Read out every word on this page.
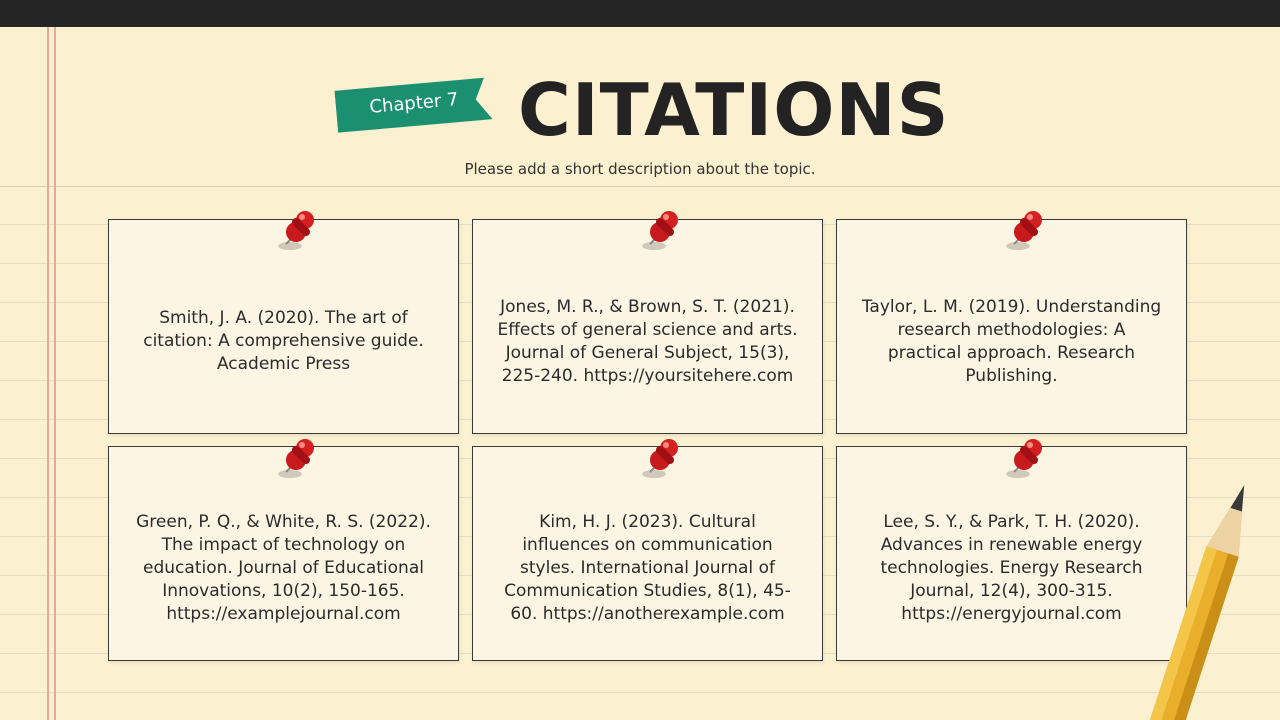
Chapter 7 CITATIONS

Please add a short description about the topic.

Smith, J. A. (2020). The art of citation: A comprehensive guide. Academic Press
Jones, M. R., & Brown, S. T. (2021). Effects of general science and arts. Journal of General Subject, 15(3), 225-240. https://yoursitehere.com
Taylor, L. M. (2019). Understanding research methodologies: A practical approach. Research Publishing.
Green, P. Q., & White, R. S. (2022). The impact of technology on education. Journal of Educational Innovations, 10(2), 150-165. https://examplejournal.com
Kim, H. J. (2023). Cultural influences on communication styles. International Journal of Communication Studies, 8(1), 45-60. https://anotherexample.com
Lee, S. Y., & Park, T. H. (2020). Advances in renewable energy technologies. Energy Research Journal, 12(4), 300-315. https://energyjournal.com
